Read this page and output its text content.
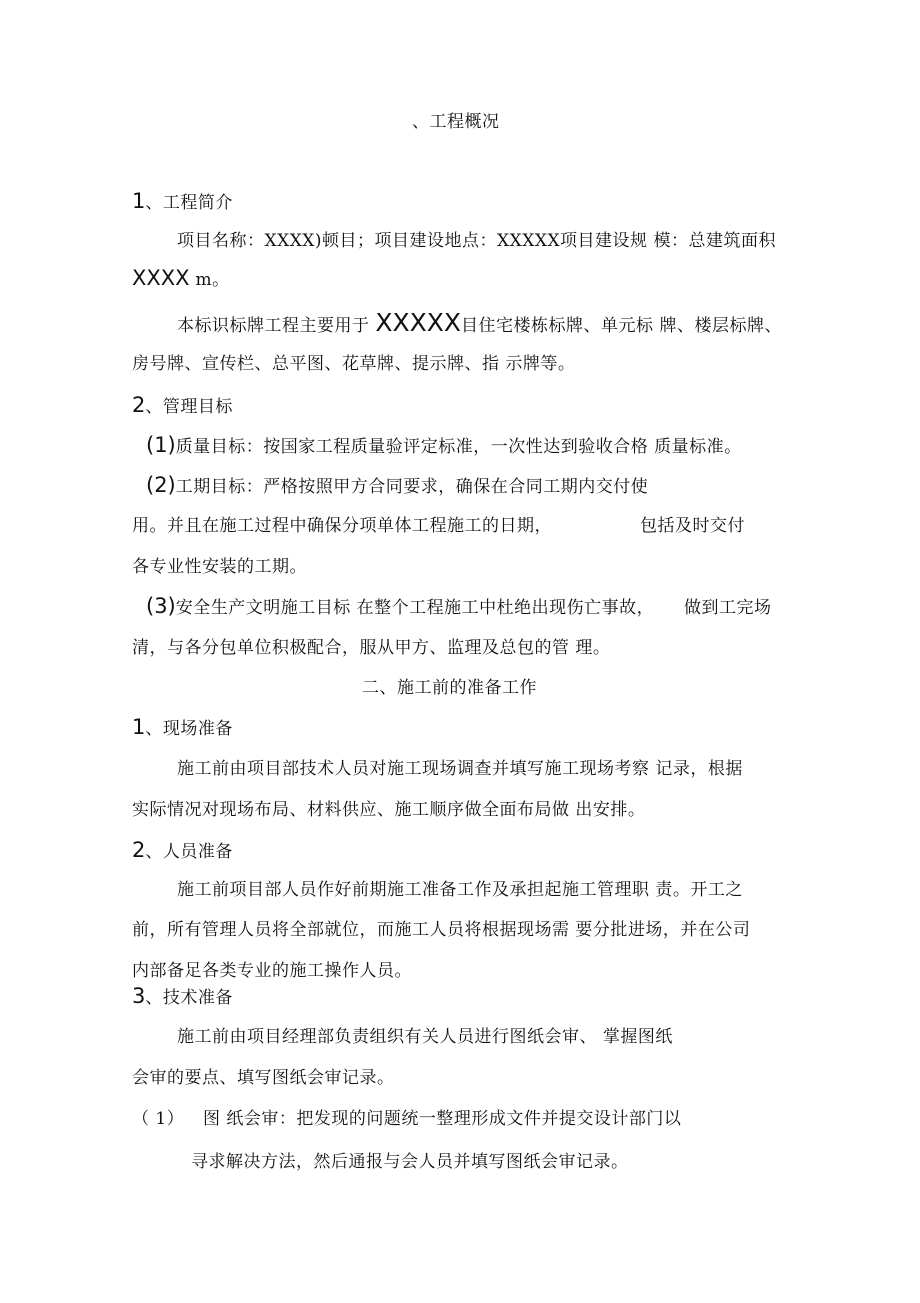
、工程概况
1、工程简介
项目名称：XXXX)顿目；项目建设地点：XXXXX项目建设规 模：总建筑面积
XXXX m。
本标识标牌工程主要用于 XXXXX目住宅楼栋标牌、单元标 牌、楼层标牌、
房号牌、宣传栏、总平图、花草牌、提示牌、指 示牌等。
2、管理目标
(1)质量目标：按国家工程质量验评定标准，一次性达到验收合格 质量标准。
(2)工期目标：严格按照甲方合同要求，确保在合同工期内交付使
用。并且在施工过程中确保分项单体工程施工的日期，	包括及时交付
各专业性安装的工期。
(3)安全生产文明施工目标 在整个工程施工中杜绝出现伤亡事故， 做到工完场
清，与各分包单位积极配合，服从甲方、监理及总包的管 理。
二、施工前的准备工作
1、现场准备
施工前由项目部技术人员对施工现场调查并填写施工现场考察 记录，根据
实际情况对现场布局、材料供应、施工顺序做全面布局做 出安排。
2、人员准备
施工前项目部人员作好前期施工准备工作及承担起施工管理职 责。开工之
前，所有管理人员将全部就位，而施工人员将根据现场需 要分批进场，并在公司
内部备足各类专业的施工操作人员。
3、技术准备
施工前由项目经理部负责组织有关人员进行图纸会审、 掌握图纸
会审的要点、填写图纸会审记录。
（ 1） 图 纸会审：把发现的问题统一整理形成文件并提交设计部门以
寻求解决方法，然后通报与会人员并填写图纸会审记录。
